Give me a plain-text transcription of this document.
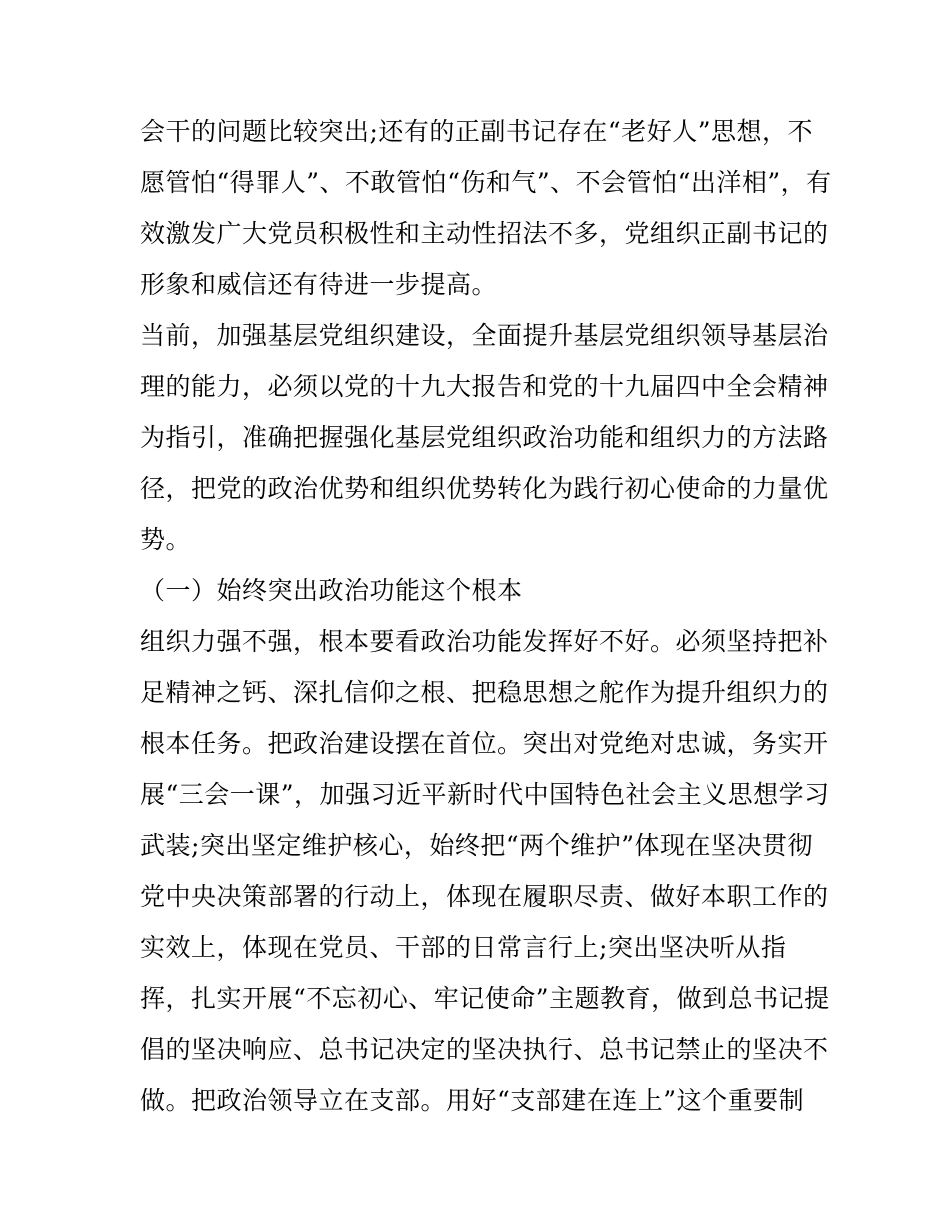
会干的问题比较突出;还有的正副书记存在“老好人”思想，不
愿管怕“得罪人”、不敢管怕“伤和气”、不会管怕“出洋相”，有
效激发广大党员积极性和主动性招法不多，党组织正副书记的
形象和威信还有待进一步提高。
当前，加强基层党组织建设，全面提升基层党组织领导基层治
理的能力，必须以党的十九大报告和党的十九届四中全会精神
为指引，准确把握强化基层党组织政治功能和组织力的方法路
径，把党的政治优势和组织优势转化为践行初心使命的力量优
势。
（一）始终突出政治功能这个根本
组织力强不强，根本要看政治功能发挥好不好。必须坚持把补
足精神之钙、深扎信仰之根、把稳思想之舵作为提升组织力的
根本任务。把政治建设摆在首位。突出对党绝对忠诚，务实开
展“三会一课”，加强习近平新时代中国特色社会主义思想学习
武装;突出坚定维护核心，始终把“两个维护”体现在坚决贯彻
党中央决策部署的行动上，体现在履职尽责、做好本职工作的
实效上，体现在党员、干部的日常言行上;突出坚决听从指
挥，扎实开展“不忘初心、牢记使命”主题教育，做到总书记提
倡的坚决响应、总书记决定的坚决执行、总书记禁止的坚决不
做。把政治领导立在支部。用好“支部建在连上”这个重要制
